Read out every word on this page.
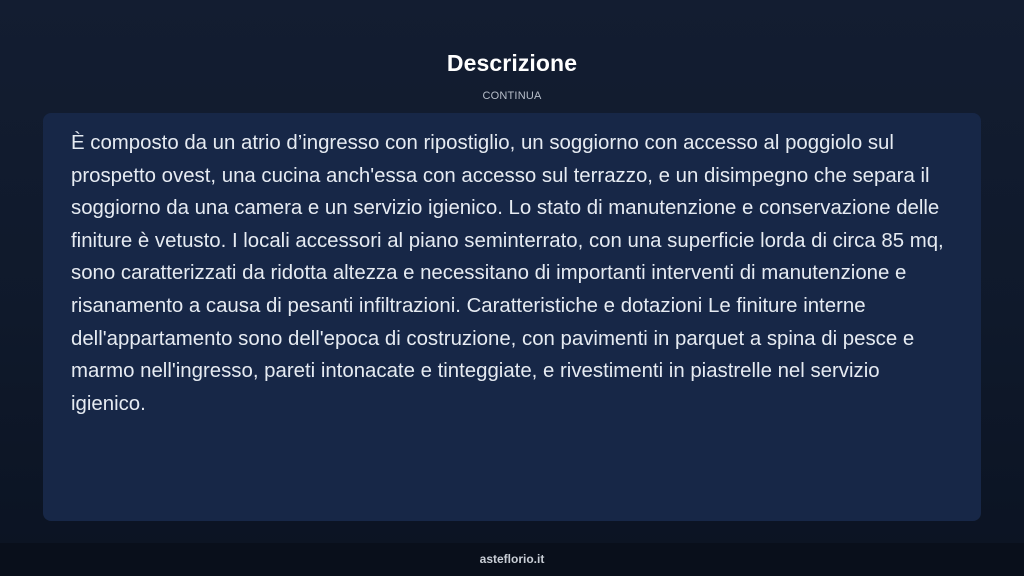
Descrizione
CONTINUA

È composto da un atrio d’ingresso con ripostiglio, un soggiorno con accesso al poggiolo sul prospetto ovest, una cucina anch'essa con accesso sul terrazzo, e un disimpegno che separa il soggiorno da una camera e un servizio igienico. Lo stato di manutenzione e conservazione delle finiture è vetusto. I locali accessori al piano seminterrato, con una superficie lorda di circa 85 mq, sono caratterizzati da ridotta altezza e necessitano di importanti interventi di manutenzione e risanamento a causa di pesanti infiltrazioni. Caratteristiche e dotazioni Le finiture interne dell'appartamento sono dell'epoca di costruzione, con pavimenti in parquet a spina di pesce e marmo nell'ingresso, pareti intonacate e tinteggiate, e rivestimenti in piastrelle nel servizio igienico.

asteflorio.it
